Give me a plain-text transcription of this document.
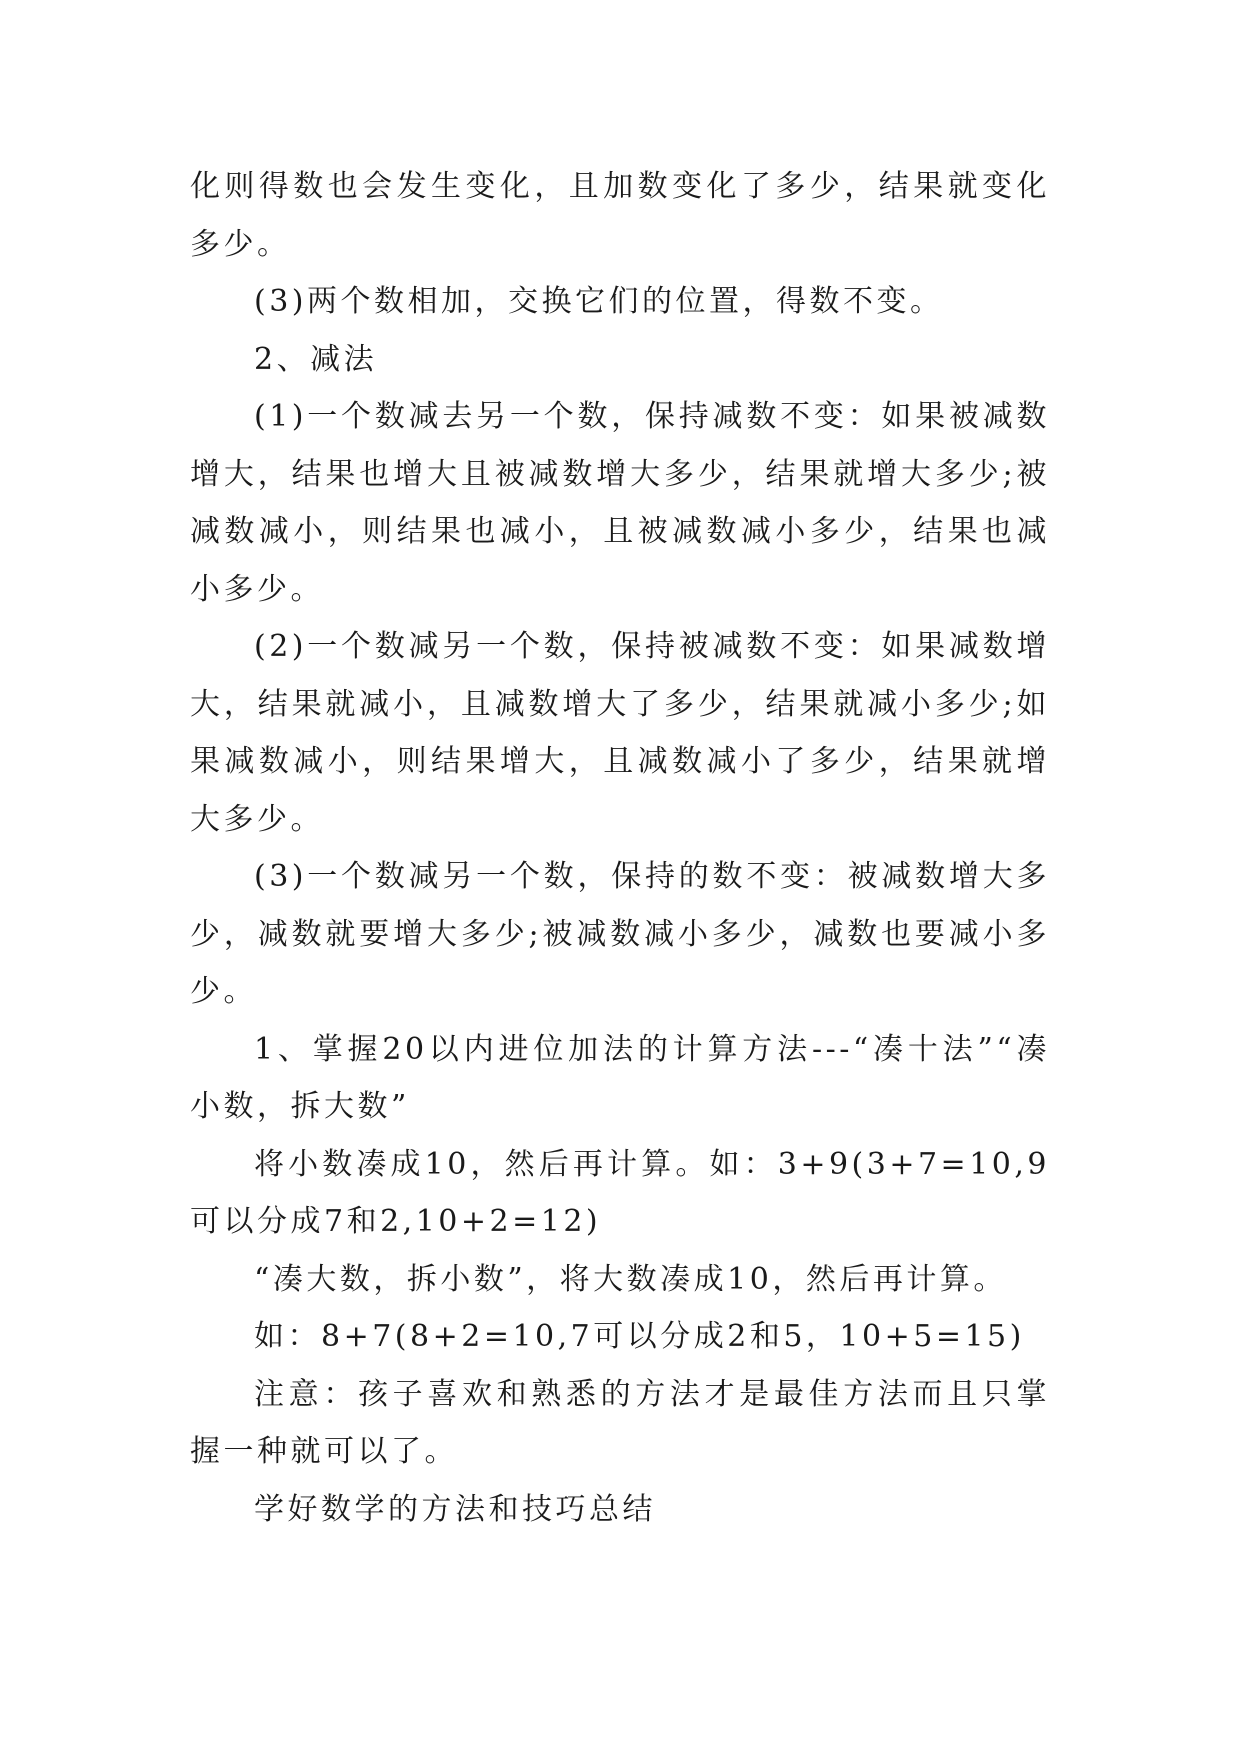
化则得数也会发生变化，且加数变化了多少，结果就变化多少。

(3)两个数相加，交换它们的位置，得数不变。

2、减法

(1)一个数减去另一个数，保持减数不变：如果被减数增大，结果也增大且被减数增大多少，结果就增大多少;被减数减小，则结果也减小，且被减数减小多少，结果也减小多少。

(2)一个数减另一个数，保持被减数不变：如果减数增大，结果就减小，且减数增大了多少，结果就减小多少;如果减数减小，则结果增大，且减数减小了多少，结果就增大多少。

(3)一个数减另一个数，保持的数不变：被减数增大多少，减数就要增大多少;被减数减小多少，减数也要减小多少。

1、掌握20以内进位加法的计算方法---“凑十法”“凑小数，拆大数”

将小数凑成10，然后再计算。如：3+9(3+7=10,9可以分成7和2,10+2=12)

“凑大数，拆小数”，将大数凑成10，然后再计算。

如：8+7(8+2=10,7可以分成2和5，10+5=15)

注意：孩子喜欢和熟悉的方法才是最佳方法而且只掌握一种就可以了。

学好数学的方法和技巧总结
